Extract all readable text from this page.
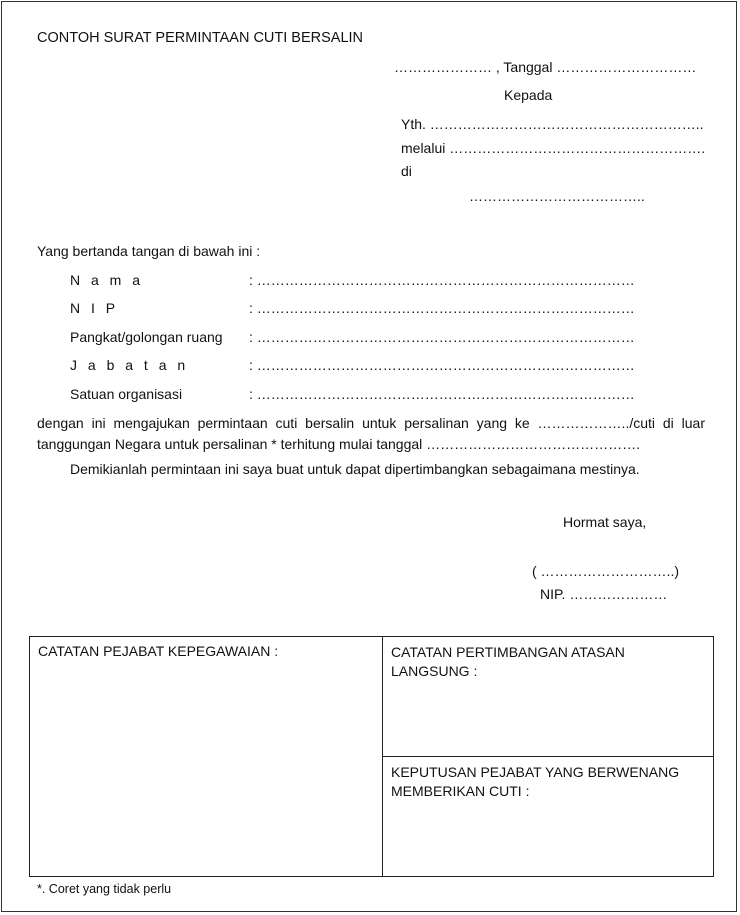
CONTOH SURAT PERMINTAAN CUTI BERSALIN
………………… , Tanggal …………………………
Kepada
Yth. …………………………………………………..
melalui ……………………………………………….
di
………………………………..
Yang bertanda tangan di bawah ini :
N a m a	: ………………………………………………………………………
N I P	: ………………………………………………………………………
Pangkat/golongan ruang : ………………………………………………………………………
J a b a t a n	: ………………………………………………………………………
Satuan organisasi	: ………………………………………………………………………
dengan ini mengajukan permintaan cuti bersalin untuk persalinan yang ke ………………../cuti di luar tanggungan Negara untuk persalinan * terhitung mulai tanggal ……………………………………….
Demikianlah permintaan ini saya buat untuk dapat dipertimbangkan sebagaimana mestinya.
Hormat saya,
( ………………………..)
NIP. …………………
CATATAN PEJABAT KEPEGAWAIAN :	CATATAN PERTIMBANGAN ATASAN
LANGSUNG :
KEPUTUSAN PEJABAT YANG BERWENANG
MEMBERIKAN CUTI :
*. Coret yang tidak perlu
